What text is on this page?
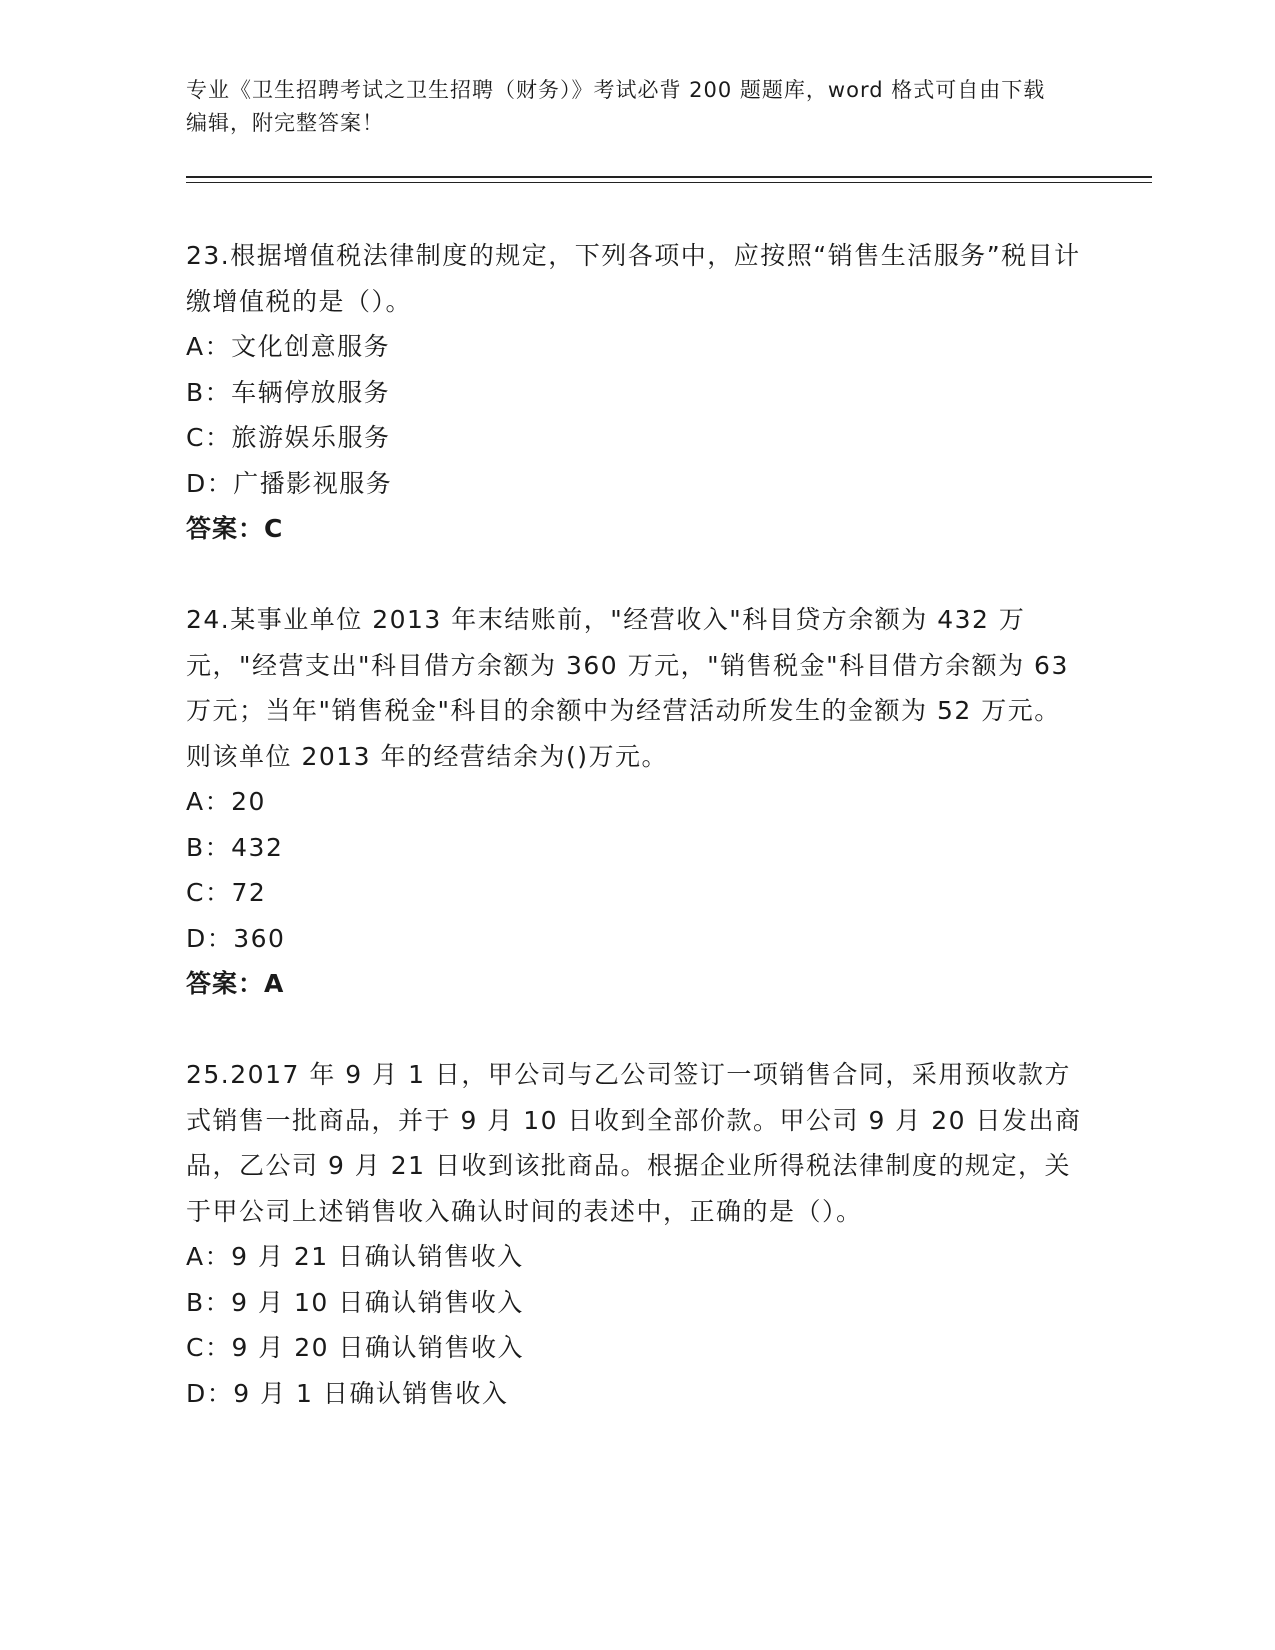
专业《卫生招聘考试之卫生招聘（财务）》考试必背 200 题题库，word 格式可自由下载编辑，附完整答案！

23.根据增值税法律制度的规定，下列各项中，应按照“销售生活服务”税目计缴增值税的是（）。

A：文化创意服务

B：车辆停放服务

C：旅游娱乐服务

D：广播影视服务

答案：C

24.某事业单位 2013 年末结账前，"经营收入"科目贷方余额为 432 万元，"经营支出"科目借方余额为 360 万元，"销售税金"科目借方余额为 63 万元；当年"销售税金"科目的余额中为经营活动所发生的金额为 52 万元。则该单位 2013 年的经营结余为()万元。

A：20

B：432

C：72

D：360

答案：A

25.2017 年 9 月 1 日，甲公司与乙公司签订一项销售合同，采用预收款方式销售一批商品，并于 9 月 10 日收到全部价款。甲公司 9 月 20 日发出商品，乙公司 9 月 21 日收到该批商品。根据企业所得税法律制度的规定，关于甲公司上述销售收入确认时间的表述中，正确的是（）。

A：9 月 21 日确认销售收入

B：9 月 10 日确认销售收入

C：9 月 20 日确认销售收入

D：9 月 1 日确认销售收入
